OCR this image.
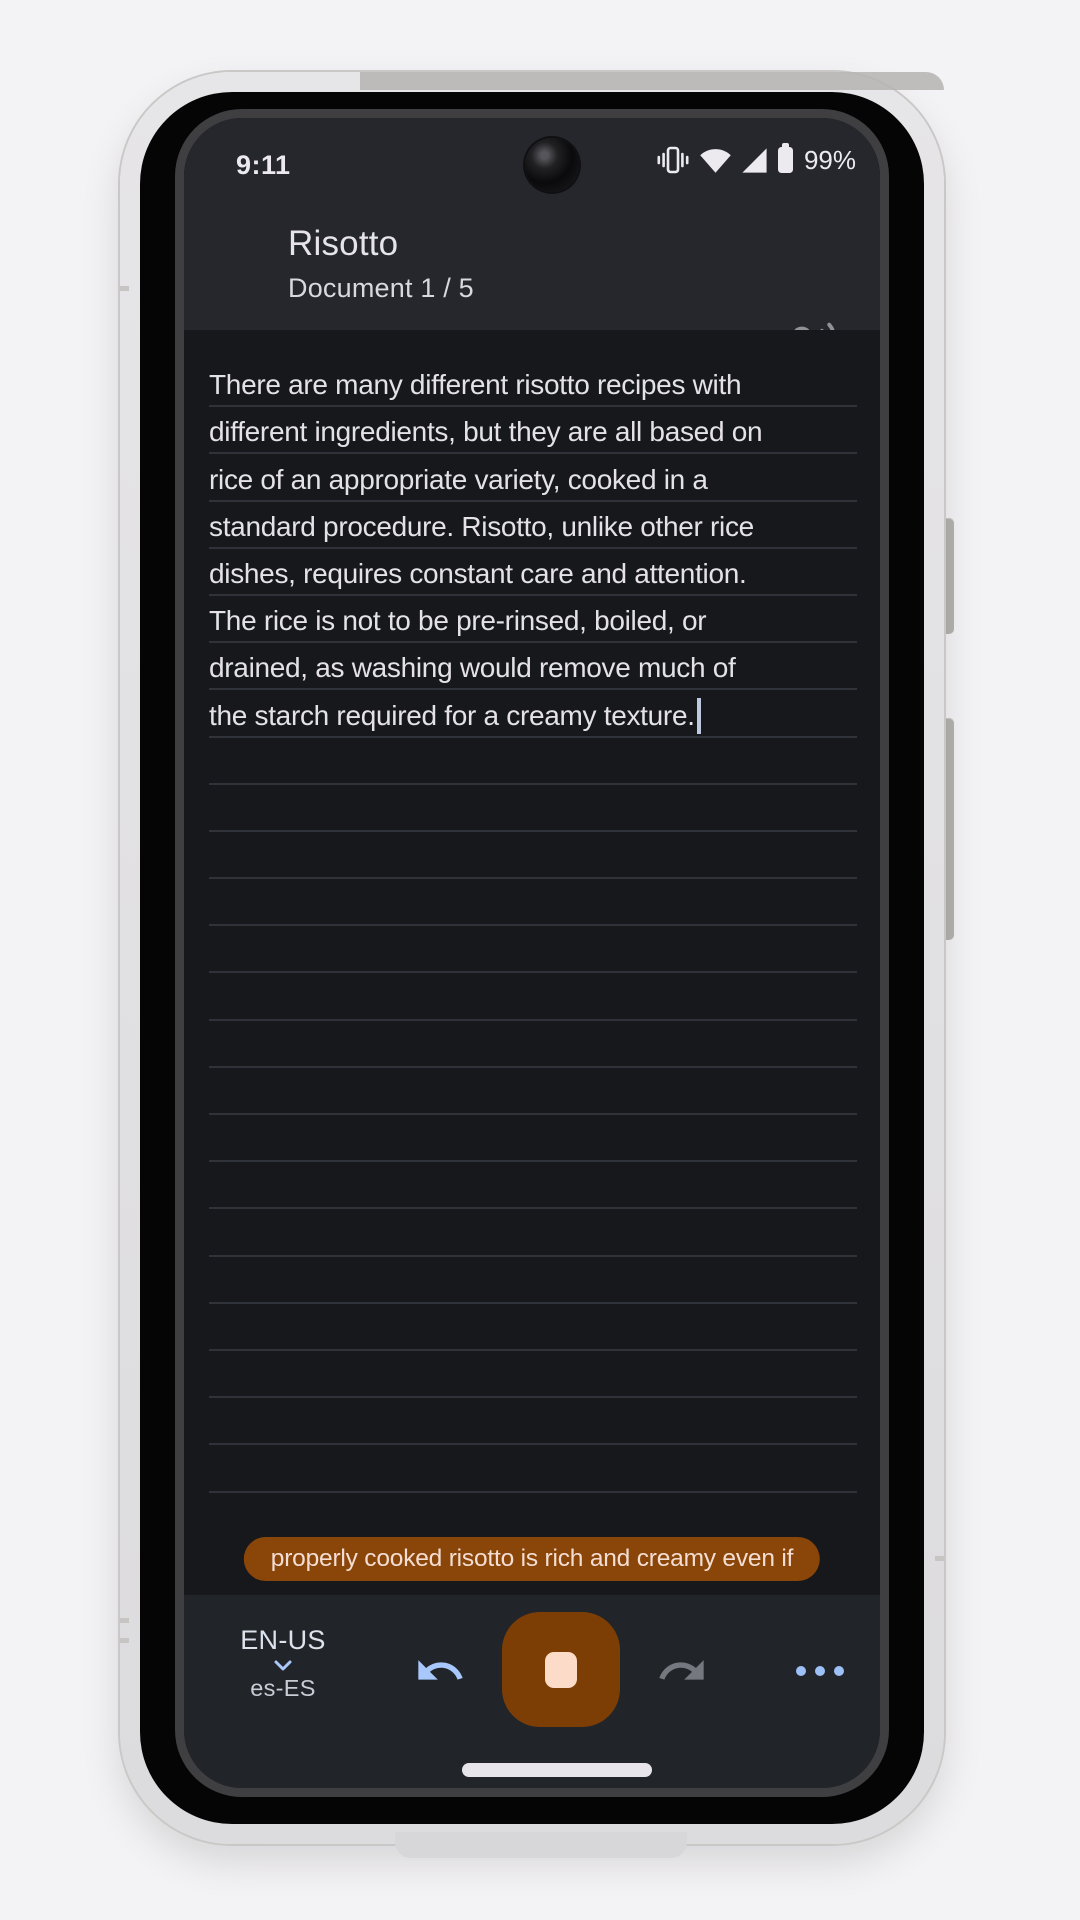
9:11	99%
Risotto
Document 1 / 5
There are many different risotto recipes with
different ingredients, but they are all based on
rice of an appropriate variety, cooked in a
standard procedure. Risotto, unlike other rice
dishes, requires constant care and attention.
The rice is not to be pre-rinsed, boiled, or
drained, as washing would remove much of
the starch required for a creamy texture.
properly cooked risotto is rich and creamy even if
EN-US
es-ES
